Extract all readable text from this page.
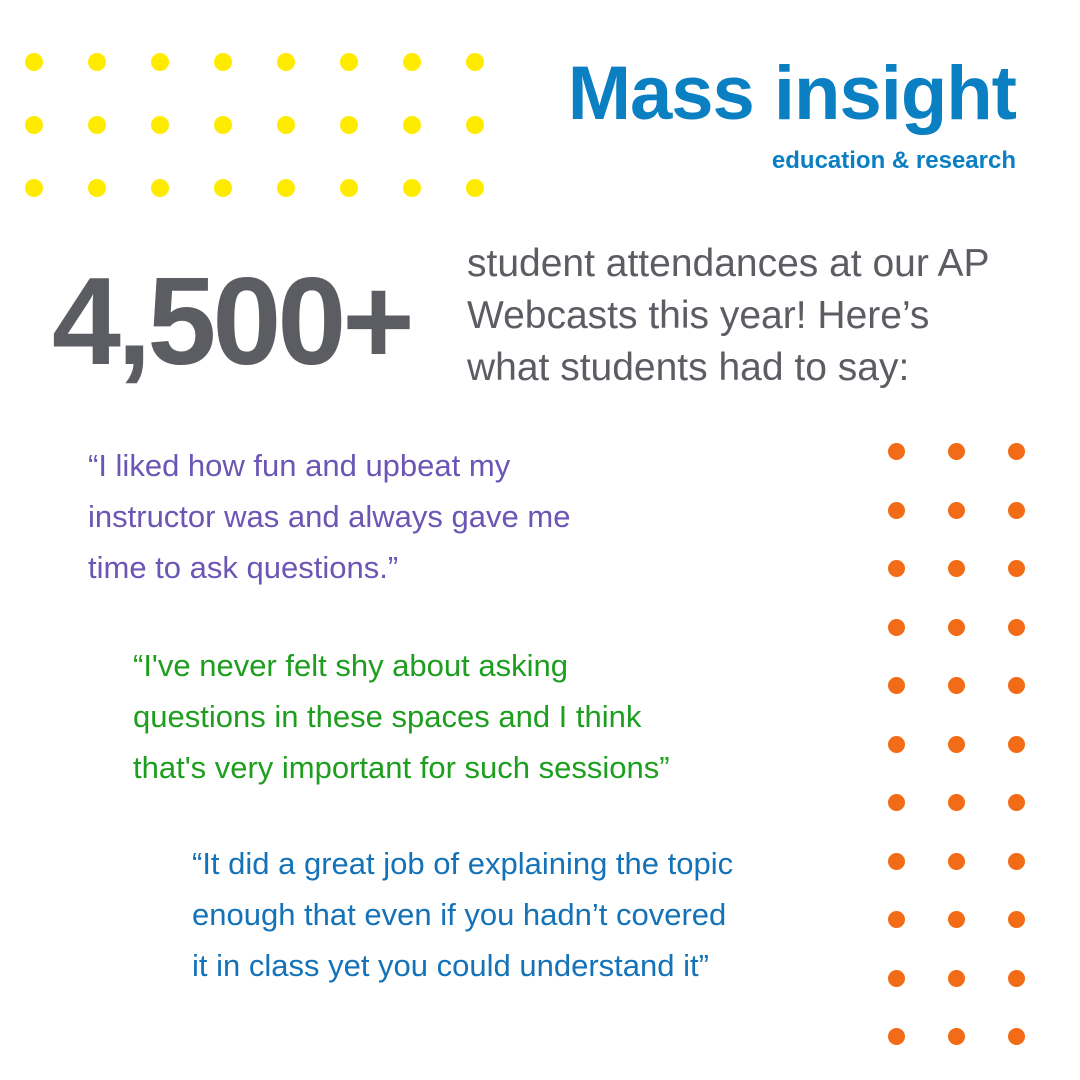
Mass insight
education & research
4,500+ student attendances at our AP
Webcasts this year! Here’s
what students had to say:
“I liked how fun and upbeat my
instructor was and always gave me
time to ask questions.”
“I've never felt shy about asking
questions in these spaces and I think
that's very important for such sessions”
“It did a great job of explaining the topic
enough that even if you hadn’t covered
it in class yet you could understand it”
